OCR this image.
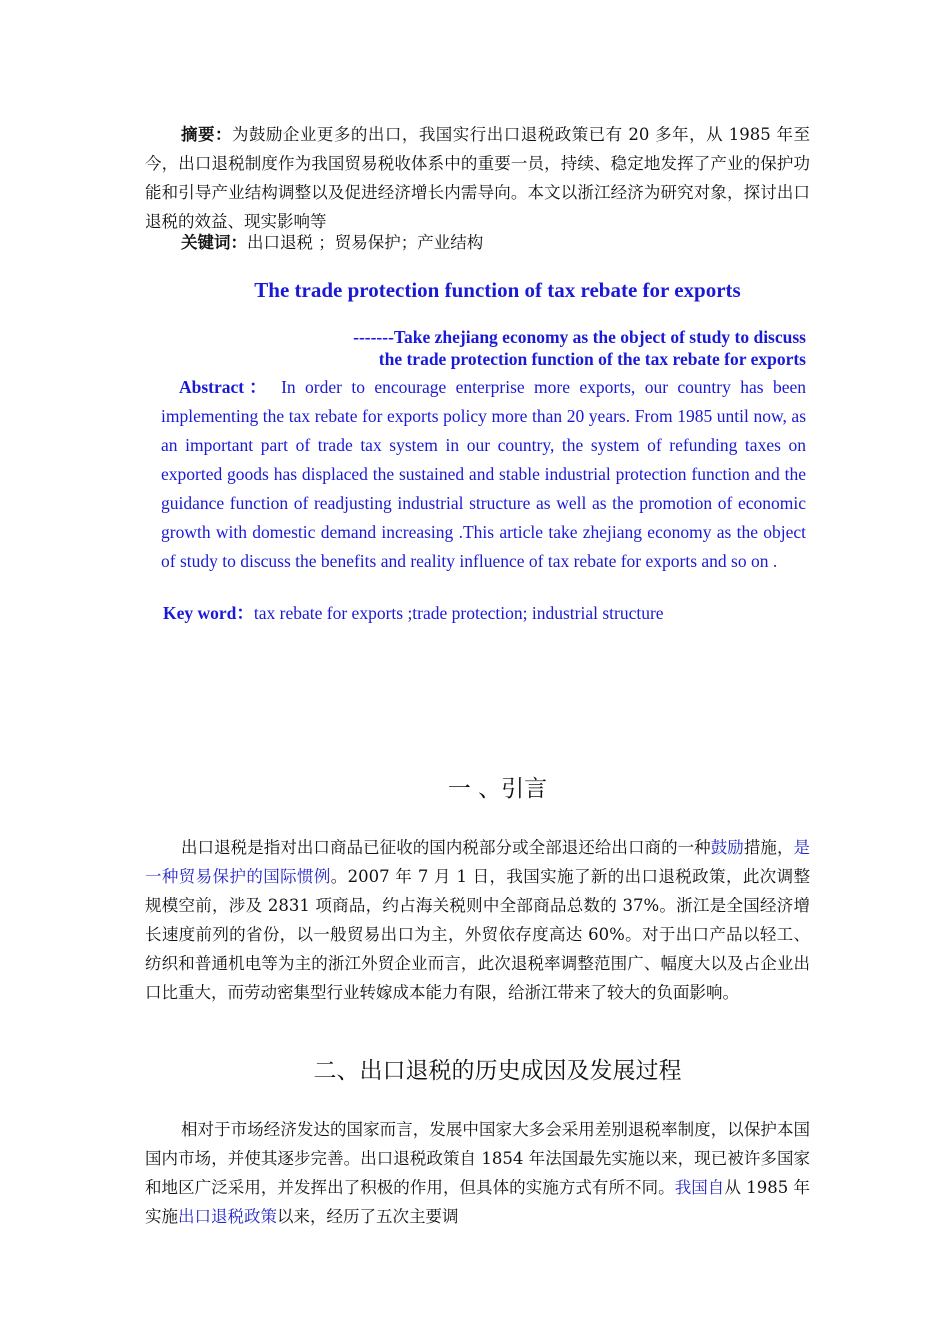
摘要：为鼓励企业更多的出口，我国实行出口退税政策已有 20 多年，从 1985 年至今，出口退税制度作为我国贸易税收体系中的重要一员，持续、稳定地发挥了产业的保护功能和引导产业结构调整以及促进经济增长内需导向。本文以浙江经济为研究对象，探讨出口退税的效益、现实影响等

关键词：出口退税 ；贸易保护；产业结构
The trade protection function of tax rebate for exports
-------Take zhejiang economy as the object of study to discuss
the trade protection function of the tax rebate for exports

Abstract： In order to encourage enterprise more exports, our country has been implementing the tax rebate for exports policy more than 20 years. From 1985 until now, as an important part of trade tax system in our country, the system of refunding taxes on exported goods has displaced the sustained and stable industrial protection function and the guidance function of readjusting industrial structure as well as the promotion of economic growth with domestic demand increasing .This article take zhejiang economy as the object of study to discuss the benefits and reality influence of tax rebate for exports and so on .

Key word：tax rebate for exports ;trade protection; industrial structure
一 、引言

出口退税是指对出口商品已征收的国内税部分或全部退还给出口商的一种鼓励措施，是一种贸易保护的国际惯例。2007 年 7 月 1 日，我国实施了新的出口退税政策，此次调整规模空前，涉及 2831 项商品，约占海关税则中全部商品总数的 37%。浙江是全国经济增长速度前列的省份，以一般贸易出口为主，外贸依存度高达 60%。对于出口产品以轻工、纺织和普通机电等为主的浙江外贸企业而言，此次退税率调整范围广、幅度大以及占企业出口比重大，而劳动密集型行业转嫁成本能力有限，给浙江带来了较大的负面影响。

二、出口退税的历史成因及发展过程

相对于市场经济发达的国家而言，发展中国家大多会采用差别退税率制度，以保护本国国内市场，并使其逐步完善。出口退税政策自 1854 年法国最先实施以来，现已被许多国家和地区广泛采用，并发挥出了积极的作用，但具体的实施方式有所不同。我国自从 1985 年实施出口退税政策以来，经历了五次主要调
